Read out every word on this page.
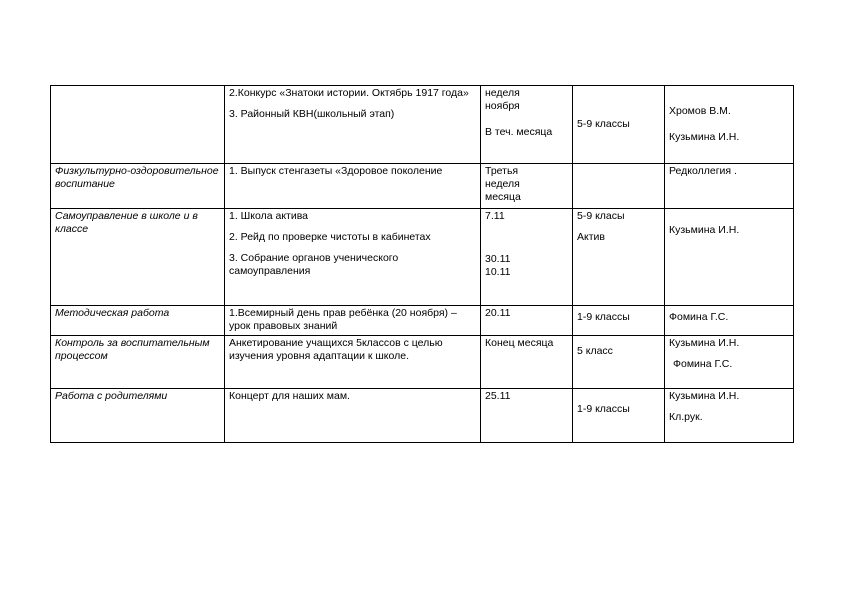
	2.Конкурс «Знатоки истории. Октябрь 1917 года»
3. Районный КВН(школьный этап)	неделя
ноября
В теч. месяца	5-9 классы	Хромов В.М.
Кузьмина И.Н.

Физкультурно-оздоровительное воспитание	1. Выпуск стенгазеты «Здоровое поколение	Третья
неделя
месяца		Редколлегия .

Самоуправление в школе и в классе	1. Школа актива
2. Рейд по проверке чистоты в кабинетах
3. Собрание органов ученического самоуправления	7.11
30.11
10.11	5-9 класы
Актив	Кузьмина И.Н.

Методическая работа	1.Всемирный день прав ребёнка (20 ноября) – урок правовых знаний	20.11	1-9 классы	Фомина Г.С.

Контроль за воспитательным процессом	Анкетирование учащихся 5классов с целью изучения уровня адаптации к школе.	Конец месяца	5 класс	Кузьмина И.Н.
Фомина Г.С.

Работа с родителями	Концерт для наших мам.	25.11	1-9 классы	Кузьмина И.Н.
Кл.рук.
